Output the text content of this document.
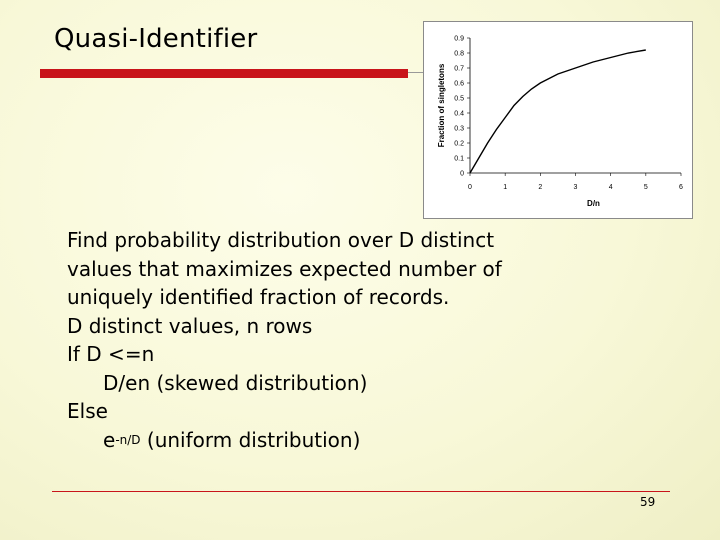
Quasi-Identifier
0
0.1
0.2
0.3
0.4
0.5
0.6
0.7
0.8
0.9
0	1	2	3	4	5	6
Fraction of singletons
D/n
Find probability distribution over D distinct
values that maximizes expected number of
uniquely identified fraction of records.
D distinct values, n rows
If D <=n
D/en (skewed distribution)
Else
$e^{-n/D}$ (uniform distribution)
59
